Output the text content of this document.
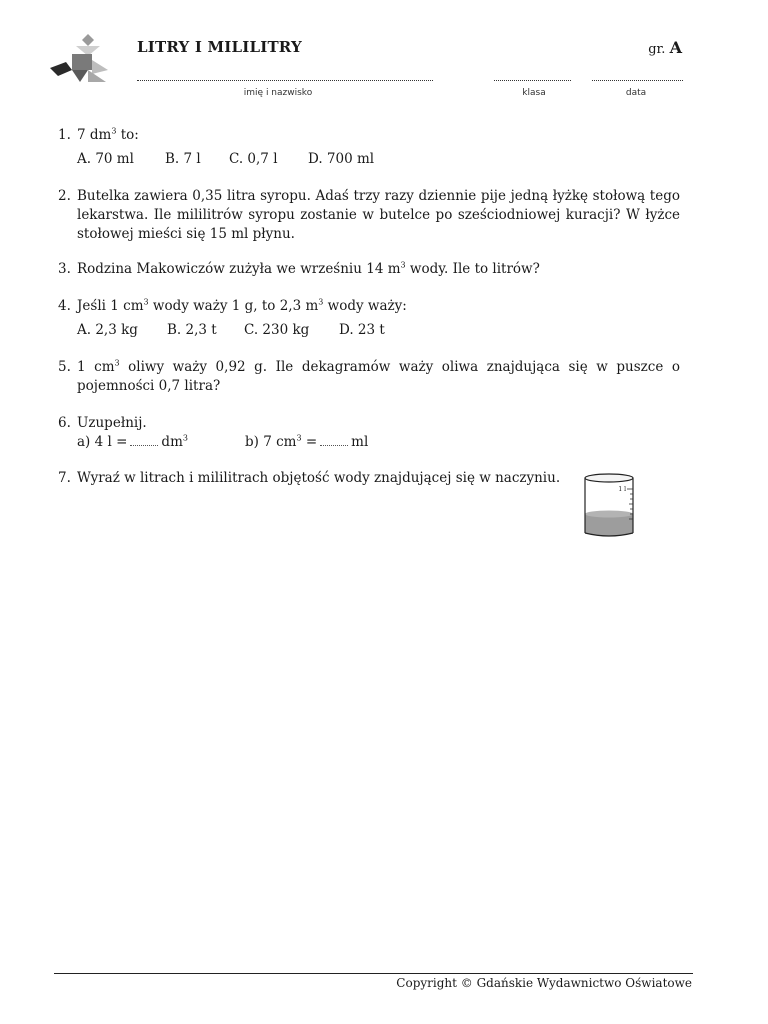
LITRY I MILILITRY	gr. A
imię i nazwisko	klasa	data
1. 7 $dm^3$ to:
A. 70 ml	B. 7 l	C. 0,7 l	D. 700 ml
2. Butelka zawiera 0,35 litra syropu. Adaś trzy razy dziennie pije jedną łyżkę stołową tego lekarstwa. Ile mililitrów syropu zostanie w butelce po sześciodniowej kuracji? W łyżce stołowej mieści się 15 ml płynu.
3. Rodzina Makowiczów zużyła we wrześniu 14 $m^3$ wody. Ile to litrów?
4. Jeśli 1 $cm^3$ wody waży 1 g, to 2,3 $m^3$ wody waży:
A. 2,3 kg	B. 2,3 t	C. 230 kg	D. 23 t
5. 1 $cm^3$ oliwy waży 0,92 g. Ile dekagramów waży oliwa znajdująca się w puszce o pojemności 0,7 litra?
6. Uzupełnij.
a) 4 l =	$dm^3$	b) 7 $cm^3$ =	ml
7. Wyraź w litrach i mililitrach objętość wody znajdującej się w naczyniu.
1 l
Copyright © Gdańskie Wydawnictwo Oświatowe
